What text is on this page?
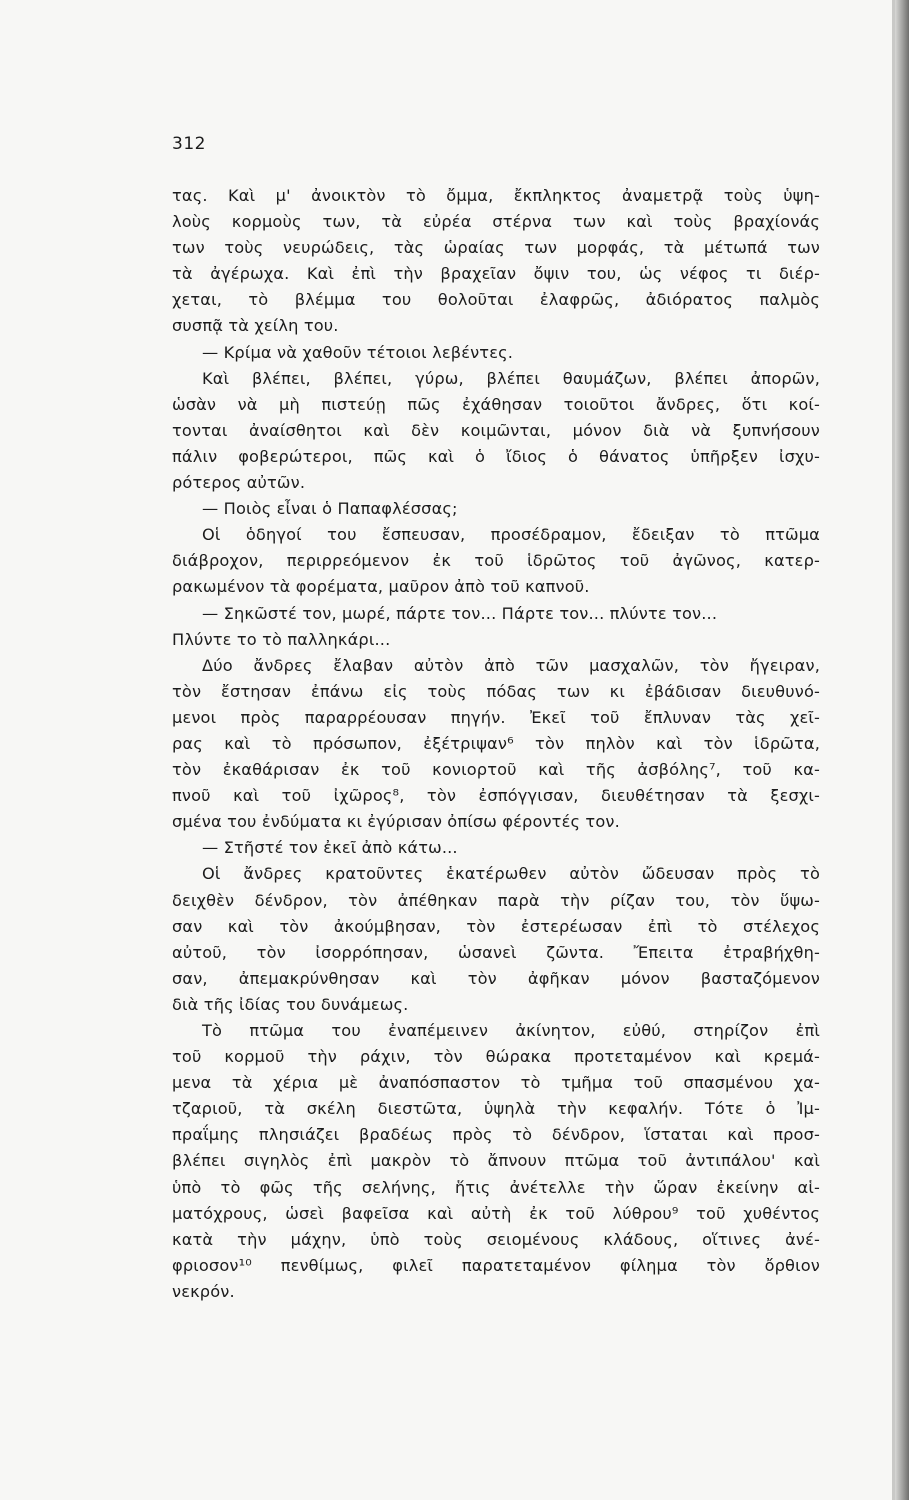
312
τας. Καὶ μ' ἀνοικτὸν τὸ ὄμμα, ἔκπληκτος ἀναμετρᾷ τοὺς ὑψη-
λοὺς κορμοὺς των, τὰ εὐρέα στέρνα των καὶ τοὺς βραχίονάς
των τοὺς νευρώδεις, τὰς ὡραίας των μορφάς, τὰ μέτωπά των
τὰ ἀγέρωχα. Καὶ ἐπὶ τὴν βραχεῖαν ὄψιν του, ὡς νέφος τι διέρ-
χεται, τὸ βλέμμα του θολοῦται ἐλαφρῶς, ἀδιόρατος παλμὸς
συσπᾷ τὰ χείλη του.
— Κρίμα νὰ χαθοῦν τέτοιοι λεβέντες.
Καὶ βλέπει, βλέπει, γύρω, βλέπει θαυμάζων, βλέπει ἀπορῶν,
ὡσὰν νὰ μὴ πιστεύῃ πῶς ἐχάθησαν τοιοῦτοι ἄνδρες, ὅτι κοί-
τονται ἀναίσθητοι καὶ δὲν κοιμῶνται, μόνον διὰ νὰ ξυπνήσουν
πάλιν φοβερώτεροι, πῶς καὶ ὁ ἴδιος ὁ θάνατος ὑπῆρξεν ἰσχυ-
ρότερος αὐτῶν.
— Ποιὸς εἶναι ὁ Παπαφλέσσας;
Οἱ ὁδηγοί του ἔσπευσαν, προσέδραμον, ἔδειξαν τὸ πτῶμα
διάβροχον, περιρρεόμενον ἐκ τοῦ ἱδρῶτος τοῦ ἀγῶνος, κατερ-
ρακωμένον τὰ φορέματα, μαῦρον ἀπὸ τοῦ καπνοῦ.
— Σηκῶστέ τον, μωρέ, πάρτε τον... Πάρτε τον... πλύντε τον...
Πλύντε το τὸ παλληκάρι...
Δύο ἄνδρες ἔλαβαν αὐτὸν ἀπὸ τῶν μασχαλῶν, τὸν ἤγειραν,
τὸν ἔστησαν ἐπάνω εἰς τοὺς πόδας των κι ἐβάδισαν διευθυνό-
μενοι πρὸς παραρρέουσαν πηγήν. Ἐκεῖ τοῦ ἔπλυναν τὰς χεῖ-
ρας καὶ τὸ πρόσωπον, ἐξέτριψαν⁶ τὸν πηλὸν καὶ τὸν ἱδρῶτα,
τὸν ἐκαθάρισαν ἐκ τοῦ κονιορτοῦ καὶ τῆς ἀσβόλης⁷, τοῦ κα-
πνοῦ καὶ τοῦ ἰχῶρος⁸, τὸν ἐσπόγγισαν, διευθέτησαν τὰ ξεσχι-
σμένα του ἐνδύματα κι ἐγύρισαν ὀπίσω φέροντές τον.
— Στῆστέ τον ἐκεῖ ἀπὸ κάτω...
Οἱ ἄνδρες κρατοῦντες ἑκατέρωθεν αὐτὸν ὤδευσαν πρὸς τὸ
δειχθὲν δένδρον, τὸν ἀπέθηκαν παρὰ τὴν ρίζαν του, τὸν ὕψω-
σαν καὶ τὸν ἀκούμβησαν, τὸν ἐστερέωσαν ἐπὶ τὸ στέλεχος
αὐτοῦ, τὸν ἰσορρόπησαν, ὡσανεὶ ζῶντα. Ἔπειτα ἐτραβήχθη-
σαν, ἀπεμακρύνθησαν καὶ τὸν ἀφῆκαν μόνον βασταζόμενον
διὰ τῆς ἰδίας του δυνάμεως.
Τὸ πτῶμα του ἐναπέμεινεν ἀκίνητον, εὐθύ, στηρίζον ἐπὶ
τοῦ κορμοῦ τὴν ράχιν, τὸν θώρακα προτεταμένον καὶ κρεμά-
μενα τὰ χέρια μὲ ἀναπόσπαστον τὸ τμῆμα τοῦ σπασμένου χα-
τζαριοῦ, τὰ σκέλη διεστῶτα, ὑψηλὰ τὴν κεφαλήν. Τότε ὁ Ἰμ-
πραΐμης πλησιάζει βραδέως πρὸς τὸ δένδρον, ἵσταται καὶ προσ-
βλέπει σιγηλὸς ἐπὶ μακρὸν τὸ ἄπνουν πτῶμα τοῦ ἀντιπάλου' καὶ
ὑπὸ τὸ φῶς τῆς σελήνης, ἥτις ἀνέτελλε τὴν ὥραν ἐκείνην αἱ-
ματόχρους, ὡσεὶ βαφεῖσα καὶ αὐτὴ ἐκ τοῦ λύθρου⁹ τοῦ χυθέντος
κατὰ τὴν μάχην, ὑπὸ τοὺς σειομένους κλάδους, οἵτινες ἀνέ-
φριοσον¹⁰ πενθίμως, φιλεῖ παρατεταμένον φίλημα τὸν ὄρθιον
νεκρόν.
